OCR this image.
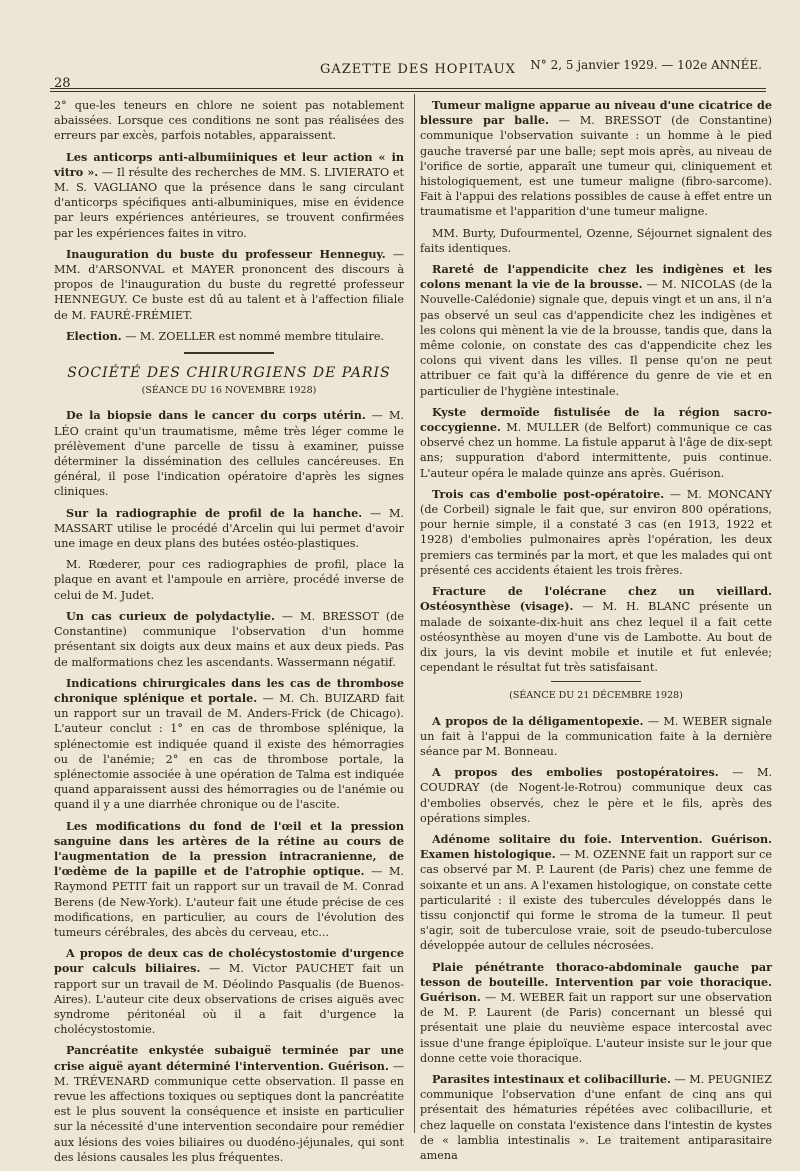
28
GAZETTE DES HOPITAUX N° 2, 5 janvier 1929. — 102e ANNÉE.

2° que-les teneurs en chlore ne soient pas notablement abaissées. Lorsque ces conditions ne sont pas réalisées des erreurs par excès, parfois notables, apparaissent.

Les anticorps anti-albumiiniques et leur action « in vitro ». — Il résulte des recherches de MM. S. LIVIERATO et M. S. VAGLIANO que la présence dans le sang circulant d'anticorps spécifiques anti-albuminiques, mise en évidence par leurs expériences antérieures, se trouvent confirmées par les expériences faites in vitro.

Inauguration du buste du professeur Henneguy. — MM. d'ARSONVAL et MAYER prononcent des discours à propos de l'inauguration du buste du regretté professeur HENNEGUY. Ce buste est dû au talent et à l'affection filiale de M. FAURÉ-FRÉMIET.

Election. — M. ZOELLER est nommé membre titulaire.

SOCIÉTÉ DES CHIRURGIENS DE PARIS
(SÉANCE DU 16 NOVEMBRE 1928)

De la biopsie dans le cancer du corps utérin. — M. LÉO craint qu'un traumatisme, même très léger comme le prélèvement d'une parcelle de tissu à examiner, puisse déterminer la dissémination des cellules cancéreuses. En général, il pose l'indication opératoire d'après les signes cliniques.

Sur la radiographie de profil de la hanche. — M. MASSART utilise le procédé d'Arcelin qui lui permet d'avoir une image en deux plans des butées ostéo-plastiques.

M. Rœderer, pour ces radiographies de profil, place la plaque en avant et l'ampoule en arrière, procédé inverse de celui de M. Judet.

Un cas curieux de polydactylie. — M. BRESSOT (de Constantine) communique l'observation d'un homme présentant six doigts aux deux mains et aux deux pieds. Pas de malformations chez les ascendants. Wassermann négatif.

Indications chirurgicales dans les cas de thrombose chronique splénique et portale. — M. Ch. BUIZARD fait un rapport sur un travail de M. Anders-Frick (de Chicago). L'auteur conclut : 1° en cas de thrombose splénique, la splénectomie est indiquée quand il existe des hémorragies ou de l'anémie; 2° en cas de thrombose portale, la splénectomie associée à une opération de Talma est indiquée quand apparaissent aussi des hémorragies ou de l'anémie ou quand il y a une diarrhée chronique ou de l'ascite.

Les modifications du fond de l'œil et la pression sanguine dans les artères de la rétine au cours de l'augmentation de la pression intracranienne, de l'œdème de la papille et de l'atrophie optique. — M. Raymond PETIT fait un rapport sur un travail de M. Conrad Berens (de New-York). L'auteur fait une étude précise de ces modifications, en particulier, au cours de l'évolution des tumeurs cérébrales, des abcès du cerveau, etc...

A propos de deux cas de cholécystostomie d'urgence pour calculs biliaires. — M. Victor PAUCHET fait un rapport sur un travail de M. Déolindo Pasqualis (de Buenos-Aires). L'auteur cite deux observations de crises aiguës avec syndrome péritonéal où il a fait d'urgence la cholécystostomie.

Pancréatite enkystée subaiguë terminée par une crise aiguë ayant déterminé l'intervention. Guérison. — M. TRÉVENARD communique cette observation. Il passe en revue les affections toxiques ou septiques dont la pancréatite est le plus souvent la conséquence et insiste en particulier sur la nécessité d'une intervention secondaire pour remédier aux lésions des voies biliaires ou duodéno-jéjunales, qui sont des lésions causales les plus fréquentes.

Tumeur maligne apparue au niveau d'une cicatrice de blessure par balle. — M. BRESSOT (de Constantine) communique l'observation suivante : un homme à le pied gauche traversé par une balle; sept mois après, au niveau de l'orifice de sortie, apparaît une tumeur qui, cliniquement et histologiquement, est une tumeur maligne (fibro-sarcome). Fait à l'appui des relations possibles de cause à effet entre un traumatisme et l'apparition d'une tumeur maligne.

MM. Burty, Dufourmentel, Ozenne, Séjournet signalent des faits identiques.

Rareté de l'appendicite chez les indigènes et les colons menant la vie de la brousse. — M. NICOLAS (de la Nouvelle-Calédonie) signale que, depuis vingt et un ans, il n'a pas observé un seul cas d'appendicite chez les indigènes et les colons qui mènent la vie de la brousse, tandis que, dans la même colonie, on constate des cas d'appendicite chez les colons qui vivent dans les villes. Il pense qu'on ne peut attribuer ce fait qu'à la différence du genre de vie et en particulier de l'hygiène intestinale.

Kyste dermoïde fistulisée de la région sacro-coccygienne. M. MULLER (de Belfort) communique ce cas observé chez un homme. La fistule apparut à l'âge de dix-sept ans; suppuration d'abord intermittente, puis continue. L'auteur opéra le malade quinze ans après. Guérison.

Trois cas d'embolie post-opératoire. — M. MONCANY (de Corbeil) signale le fait que, sur environ 800 opérations, pour hernie simple, il a constaté 3 cas (en 1913, 1922 et 1928) d'embolies pulmonaires après l'opération, les deux premiers cas terminés par la mort, et que les malades qui ont présenté ces accidents étaient les trois frères.

Fracture de l'olécrane chez un vieillard. Ostéosynthèse (visage). — M. H. BLANC présente un malade de soixante-dix-huit ans chez lequel il a fait cette ostéosynthèse au moyen d'une vis de Lambotte. Au bout de dix jours, la vis devint mobile et inutile et fut enlevée; cependant le résultat fut très satisfaisant.

(SÉANCE DU 21 DÉCEMBRE 1928)

A propos de la déligamentopexie. — M. WEBER signale un fait à l'appui de la communication faite à la dernière séance par M. Bonneau.

A propos des embolies postopératoires. — M. COUDRAY (de Nogent-le-Rotrou) communique deux cas d'embolies observés, chez le père et le fils, après des opérations simples.

Adénome solitaire du foie. Intervention. Guérison. Examen histologique. — M. OZENNE fait un rapport sur ce cas observé par M. P. Laurent (de Paris) chez une femme de soixante et un ans. A l'examen histologique, on constate cette particularité : il existe des tubercules développés dans le tissu conjonctif qui forme le stroma de la tumeur. Il peut s'agir, soit de tuberculose vraie, soit de pseudo-tuberculose développée autour de cellules nécrosées.

Plaie pénétrante thoraco-abdominale gauche par tesson de bouteille. Intervention par voie thoracique. Guérison. — M. WEBER fait un rapport sur une observation de M. P. Laurent (de Paris) concernant un blessé qui présentait une plaie du neuvième espace intercostal avec issue d'une frange épiploïque. L'auteur insiste sur le jour que donne cette voie thoracique.

Parasites intestinaux et colibacillurie. — M. PEUGNIEZ communique l'observation d'une enfant de cinq ans qui présentait des hématuries répétées avec colibacillurie, et chez laquelle on constata l'existence dans l'intestin de kystes de « lamblia intestinalis ». Le traitement antiparasitaire amena
